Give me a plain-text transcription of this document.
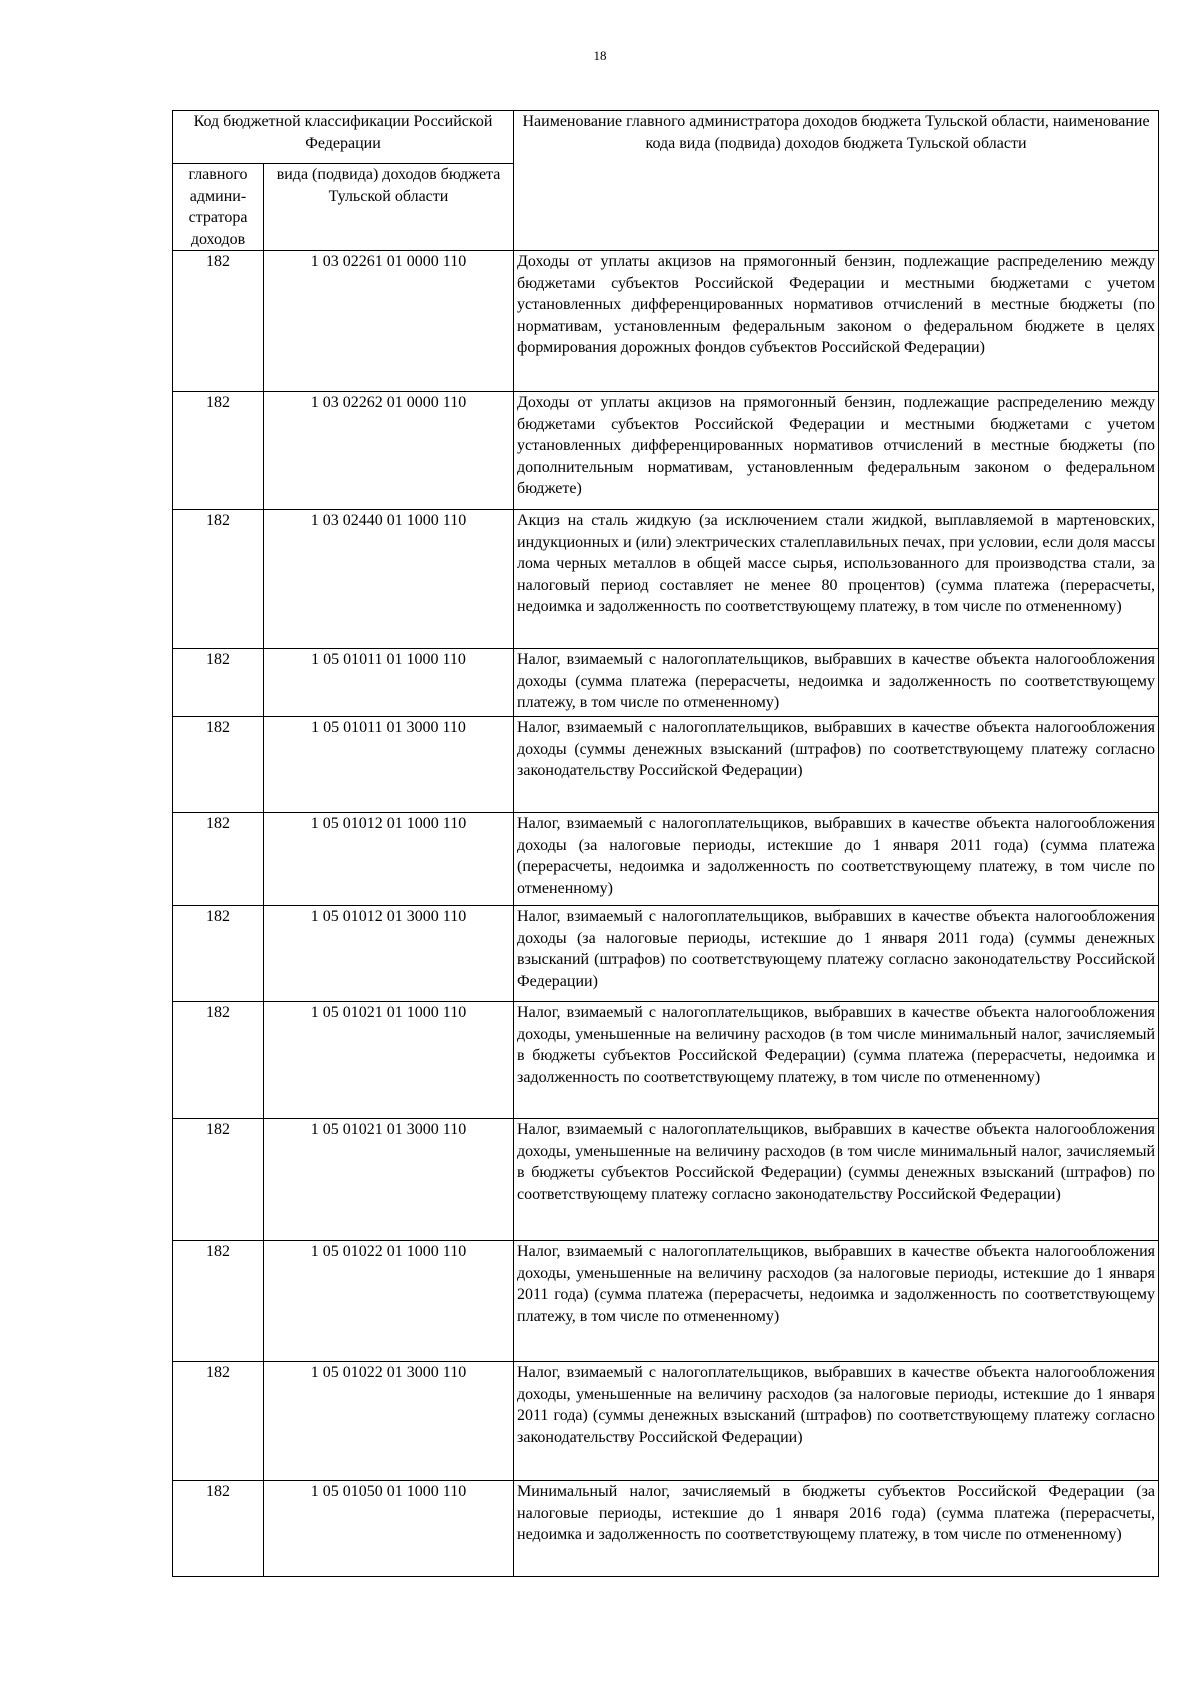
18
Код бюджетной классификации Российской Федерации		Наименование главного администратора доходов бюджета Тульской области, наименование кода вида (подвида) доходов бюджета Тульской области
главного админи-стратора доходов	вида (подвида) доходов бюджета Тульской области	
182	1 03 02261 01 0000 110	Доходы от уплаты акцизов на прямогонный бензин, подлежащие распределению между бюджетами субъектов Российской Федерации и местными бюджетами с учетом установленных дифференцированных нормативов отчислений в местные бюджеты (по нормативам, установленным федеральным законом о федеральном бюджете в целях формирования дорожных фондов субъектов Российской Федерации)
182	1 03 02262 01 0000 110	Доходы от уплаты акцизов на прямогонный бензин, подлежащие распределению между бюджетами субъектов Российской Федерации и местными бюджетами с учетом установленных дифференцированных нормативов отчислений в местные бюджеты (по дополнительным нормативам, установленным федеральным законом о федеральном бюджете)
182	1 03 02440 01 1000 110	Акциз на сталь жидкую (за исключением стали жидкой, выплавляемой в мартеновских, индукционных и (или) электрических сталеплавильных печах, при условии, если доля массы лома черных металлов в общей массе сырья, использованного для производства стали, за налоговый период составляет не менее 80 процентов) (сумма платежа (перерасчеты, недоимка и задолженность по соответствующему платежу, в том числе по отмененному)
182	1 05 01011 01 1000 110	Налог, взимаемый с налогоплательщиков, выбравших в качестве объекта налогообложения доходы (сумма платежа (перерасчеты, недоимка и задолженность по соответствующему платежу, в том числе по отмененному)
182	1 05 01011 01 3000 110	Налог, взимаемый с налогоплательщиков, выбравших в качестве объекта налогообложения доходы (суммы денежных взысканий (штрафов) по соответствующему платежу согласно законодательству Российской Федерации)
182	1 05 01012 01 1000 110	Налог, взимаемый с налогоплательщиков, выбравших в качестве объекта налогообложения доходы (за налоговые периоды, истекшие до 1 января 2011 года) (сумма платежа (перерасчеты, недоимка и задолженность по соответствующему платежу, в том числе по отмененному)
182	1 05 01012 01 3000 110	Налог, взимаемый с налогоплательщиков, выбравших в качестве объекта налогообложения доходы (за налоговые периоды, истекшие до 1 января 2011 года) (суммы денежных взысканий (штрафов) по соответствующему платежу согласно законодательству Российской Федерации)
182	1 05 01021 01 1000 110	Налог, взимаемый с налогоплательщиков, выбравших в качестве объекта налогообложения доходы, уменьшенные на величину расходов (в том числе минимальный налог, зачисляемый в бюджеты субъектов Российской Федерации) (сумма платежа (перерасчеты, недоимка и задолженность по соответствующему платежу, в том числе по отмененному)
182	1 05 01021 01 3000 110	Налог, взимаемый с налогоплательщиков, выбравших в качестве объекта налогообложения доходы, уменьшенные на величину расходов (в том числе минимальный налог, зачисляемый в бюджеты субъектов Российской Федерации) (суммы денежных взысканий (штрафов) по соответствующему платежу согласно законодательству Российской Федерации)
182	1 05 01022 01 1000 110	Налог, взимаемый с налогоплательщиков, выбравших в качестве объекта налогообложения доходы, уменьшенные на величину расходов (за налоговые периоды, истекшие до 1 января 2011 года) (сумма платежа (перерасчеты, недоимка и задолженность по соответствующему платежу, в том числе по отмененному)
182	1 05 01022 01 3000 110	Налог, взимаемый с налогоплательщиков, выбравших в качестве объекта налогообложения доходы, уменьшенные на величину расходов (за налоговые периоды, истекшие до 1 января 2011 года) (суммы денежных взысканий (штрафов) по соответствующему платежу согласно законодательству Российской Федерации)
182	1 05 01050 01 1000 110	Минимальный налог, зачисляемый в бюджеты субъектов Российской Федерации (за налоговые периоды, истекшие до 1 января 2016 года) (сумма платежа (перерасчеты, недоимка и задолженность по соответствующему платежу, в том числе по отмененному)
